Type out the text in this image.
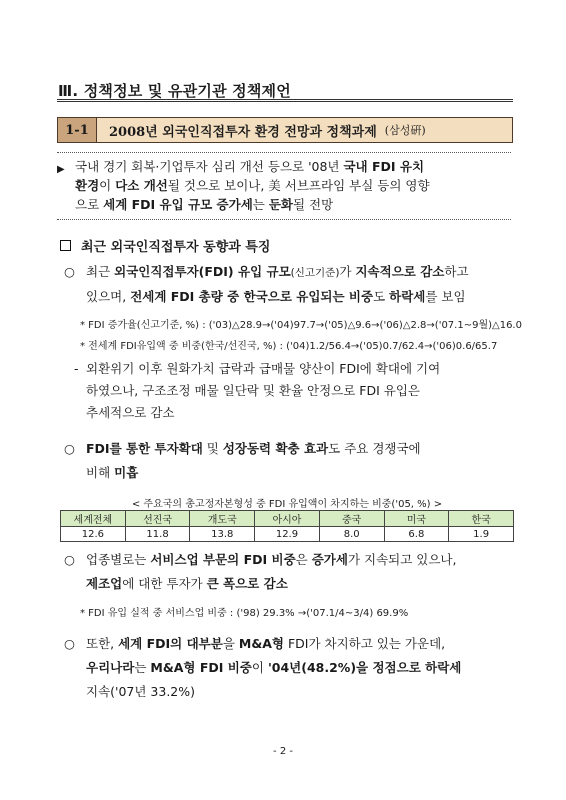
Ⅲ. 정책정보 및 유관기관 정책제언
1-1	2008년 외국인직접투자 환경 전망과 정책과제 (삼성硏)
▶ 국내 경기 회복·기업투자 심리 개선 등으로 '08년 국내 FDI 유치
환경이 다소 개선될 것으로 보이나, 美 서브프라임 부실 등의 영향
으로 세계 FDI 유입 규모 증가세는 둔화될 전망
최근 외국인직접투자 동향과 특징
○ 최근 외국인직접투자(FDI) 유입 규모(신고기준)가 지속적으로 감소하고
있으며, 전세계 FDI 총량 중 한국으로 유입되는 비중도 하락세를 보임
* FDI 증가율(신고기준, %) : ('03)△28.9→('04)97.7→('05)△9.6→('06)△2.8→('07.1~9월)△16.0
* 전세계 FDI유입액 중 비중(한국/선진국, %) : ('04)1.2/56.4→('05)0.7/62.4→('06)0.6/65.7
- 외환위기 이후 원화가치 급락과 급매물 양산이 FDI에 확대에 기여
하였으나, 구조조정 매물 일단락 및 환율 안정으로 FDI 유입은
추세적으로 감소
○ FDI를 통한 투자확대 및 성장동력 확충 효과도 주요 경쟁국에
비해 미흡
< 주요국의 총고정자본형성 중 FDI 유입액이 차지하는 비중('05, %) >
세계전체	선진국	개도국	아시아	중국	미국	한국
12.6	11.8	13.8	12.9	8.0	6.8	1.9
○ 업종별로는 서비스업 부문의 FDI 비중은 증가세가 지속되고 있으나,
제조업에 대한 투자가 큰 폭으로 감소
* FDI 유입 실적 중 서비스업 비중 : ('98) 29.3% →('07.1/4~3/4) 69.9%
○ 또한, 세계 FDI의 대부분을 M&A형 FDI가 차지하고 있는 가운데,
우리나라는 M&A형 FDI 비중이 '04년(48.2%)을 정점으로 하락세
지속('07년 33.2%)
- 2 -
